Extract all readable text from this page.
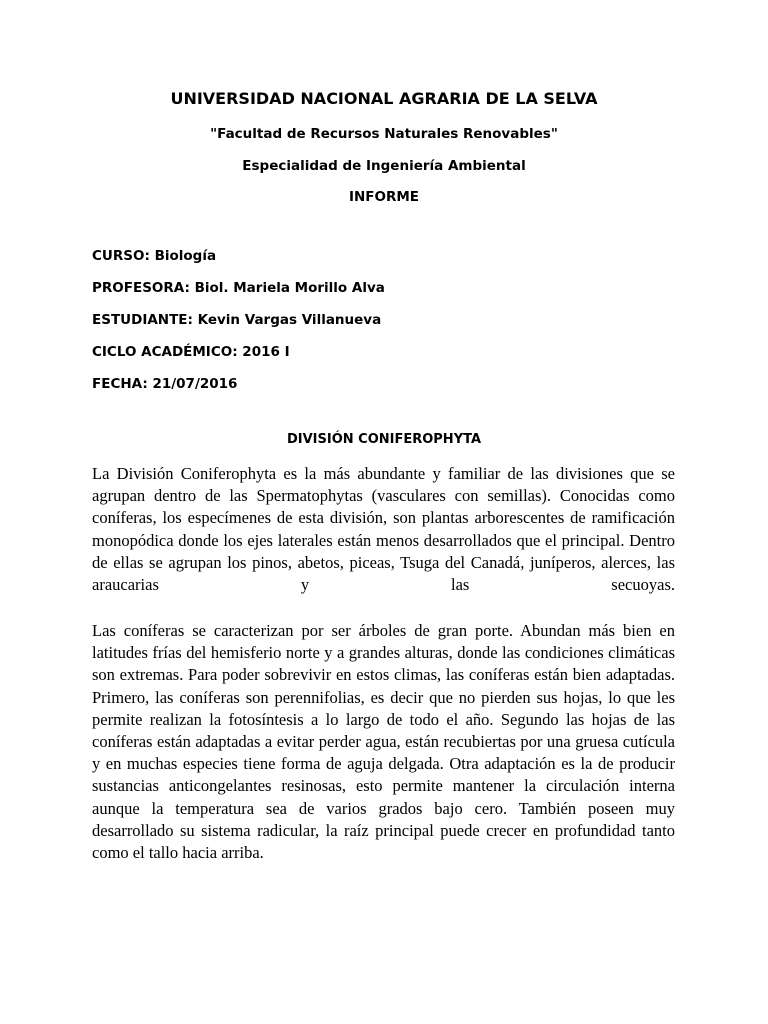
UNIVERSIDAD NACIONAL AGRARIA DE LA SELVA
"Facultad de Recursos Naturales Renovables"
Especialidad de Ingeniería Ambiental
INFORME
CURSO: Biología
PROFESORA: Biol. Mariela Morillo Alva
ESTUDIANTE: Kevin Vargas Villanueva
CICLO ACADÉMICO: 2016 I
FECHA: 21/07/2016
DIVISIÓN CONIFEROPHYTA

La División Coniferophyta es la más abundante y familiar de las divisiones que se agrupan dentro de las Spermatophytas (vasculares con semillas). Conocidas como coníferas, los especímenes de esta división, son plantas arborescentes de ramificación monopódica donde los ejes laterales están menos desarrollados que el principal. Dentro de ellas se agrupan los pinos, abetos, piceas, Tsuga del Canadá, juníperos, alerces, las araucarias y las secuoyas.

Las coníferas se caracterizan por ser árboles de gran porte. Abundan más bien en latitudes frías del hemisferio norte y a grandes alturas, donde las condiciones climáticas son extremas. Para poder sobrevivir en estos climas, las coníferas están bien adaptadas. Primero, las coníferas son perennifolias, es decir que no pierden sus hojas, lo que les permite realizan la fotosíntesis a lo largo de todo el año. Segundo las hojas de las coníferas están adaptadas a evitar perder agua, están recubiertas por una gruesa cutícula y en muchas especies tiene forma de aguja delgada. Otra adaptación es la de producir sustancias anticongelantes resinosas, esto permite mantener la circulación interna aunque la temperatura sea de varios grados bajo cero. También poseen muy desarrollado su sistema radicular, la raíz principal puede crecer en profundidad tanto como el tallo hacia arriba.
